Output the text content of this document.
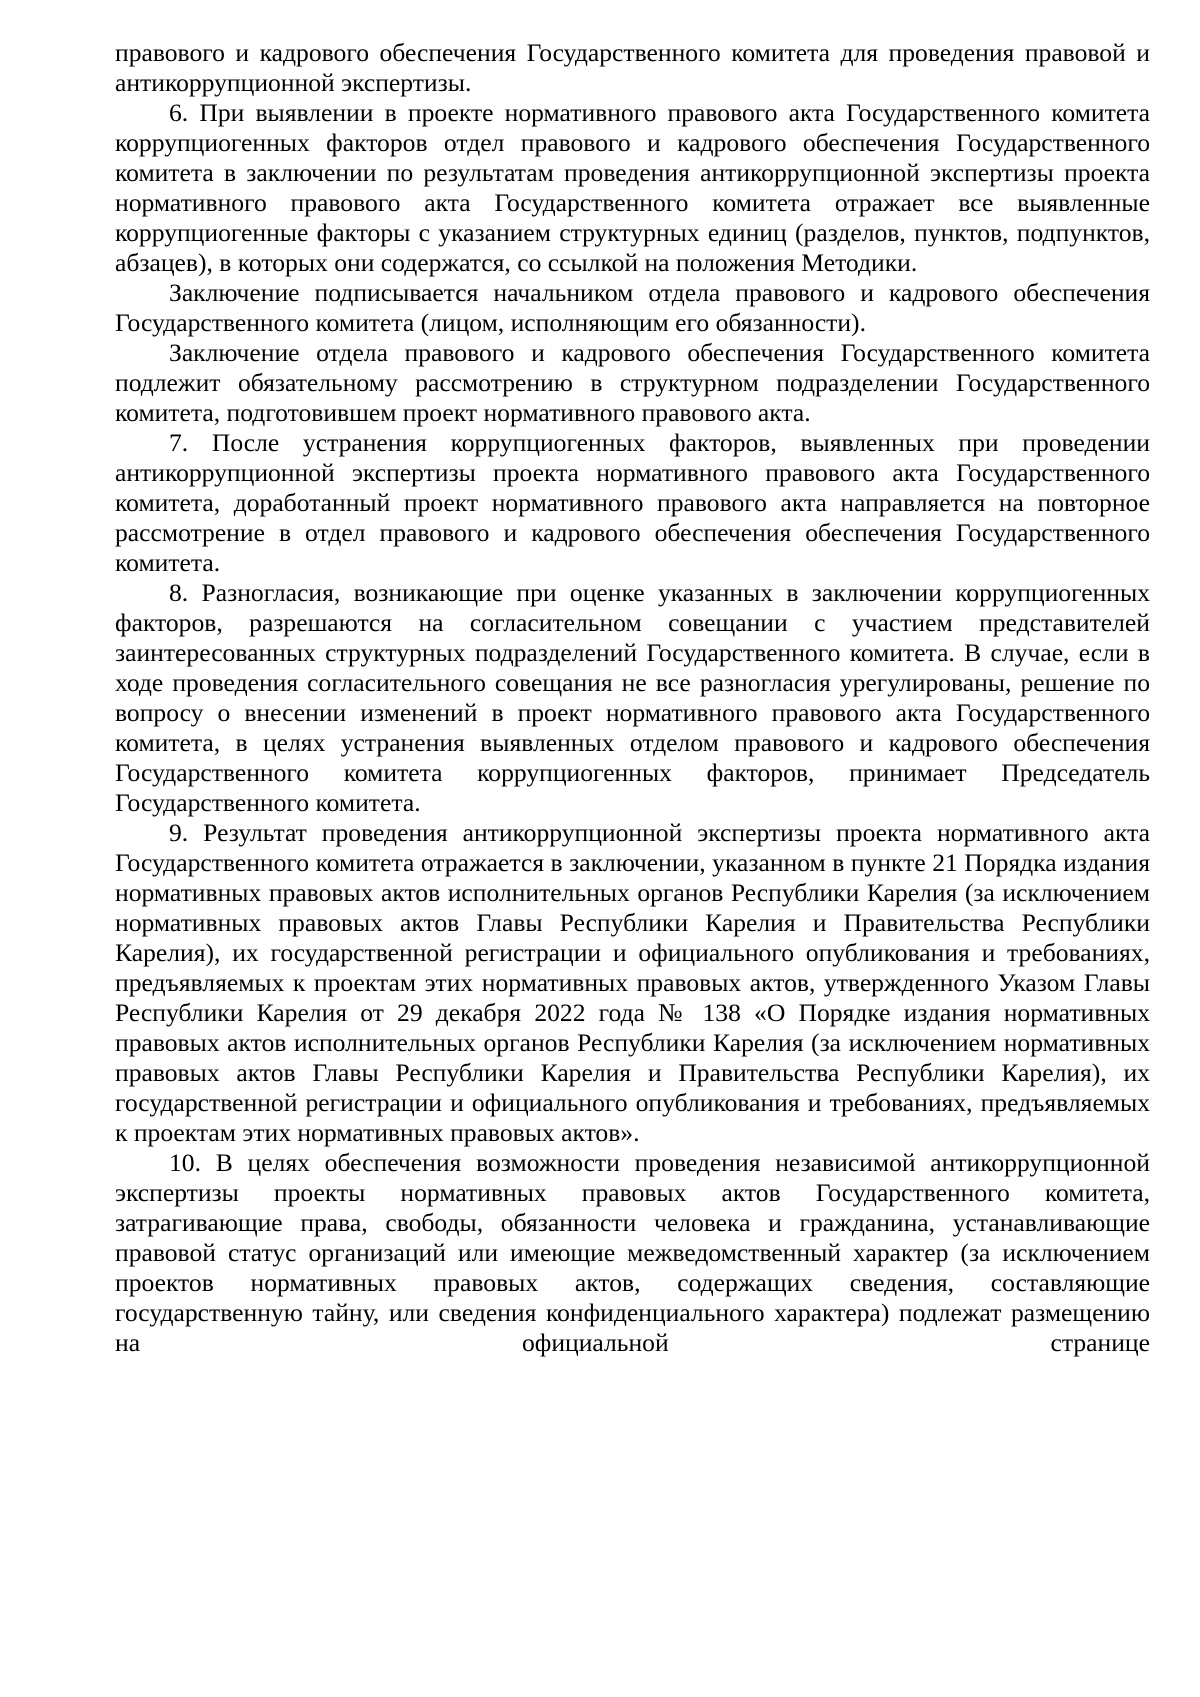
правового и кадрового обеспечения Государственного комитета для проведения правовой и антикоррупционной экспертизы.

6. При выявлении в проекте нормативного правового акта Государственного комитета коррупциогенных факторов отдел правового и кадрового обеспечения Государственного комитета в заключении по результатам проведения антикоррупционной экспертизы проекта нормативного правового акта Государственного комитета отражает все выявленные коррупциогенные факторы с указанием структурных единиц (разделов, пунктов, подпунктов, абзацев), в которых они содержатся, со ссылкой на положения Методики.

Заключение подписывается начальником отдела правового и кадрового обеспечения Государственного комитета (лицом, исполняющим его обязанности).

Заключение отдела правового и кадрового обеспечения Государственного комитета подлежит обязательному рассмотрению в структурном подразделении Государственного комитета, подготовившем проект нормативного правового акта.

7. После устранения коррупциогенных факторов, выявленных при проведении антикоррупционной экспертизы проекта нормативного правового акта Государственного комитета, доработанный проект нормативного правового акта направляется на повторное рассмотрение в отдел правового и кадрового обеспечения обеспечения Государственного комитета.

8. Разногласия, возникающие при оценке указанных в заключении коррупциогенных факторов, разрешаются на согласительном совещании с участием представителей заинтересованных структурных подразделений Государственного комитета. В случае, если в ходе проведения согласительного совещания не все разногласия урегулированы, решение по вопросу о внесении изменений в проект нормативного правового акта Государственного комитета, в целях устранения выявленных отделом правового и кадрового обеспечения Государственного комитета коррупциогенных факторов, принимает Председатель Государственного комитета.

9. Результат проведения антикоррупционной экспертизы проекта нормативного акта Государственного комитета отражается в заключении, указанном в пункте 21 Порядка издания нормативных правовых актов исполнительных органов Республики Карелия (за исключением нормативных правовых актов Главы Республики Карелия и Правительства Республики Карелия), их государственной регистрации и официального опубликования и требованиях, предъявляемых к проектам этих нормативных правовых актов, утвержденного Указом Главы Республики Карелия от 29 декабря 2022 года № 138 «О Порядке издания нормативных правовых актов исполнительных органов Республики Карелия (за исключением нормативных правовых актов Главы Республики Карелия и Правительства Республики Карелия), их государственной регистрации и официального опубликования и требованиях, предъявляемых к проектам этих нормативных правовых актов».

10. В целях обеспечения возможности проведения независимой антикоррупционной экспертизы проекты нормативных правовых актов Государственного комитета, затрагивающие права, свободы, обязанности человека и гражданина, устанавливающие правовой статус организаций или имеющие межведомственный характер (за исключением проектов нормативных правовых актов, содержащих сведения, составляющие государственную тайну, или сведения конфиденциального характера) подлежат размещению на официальной странице
